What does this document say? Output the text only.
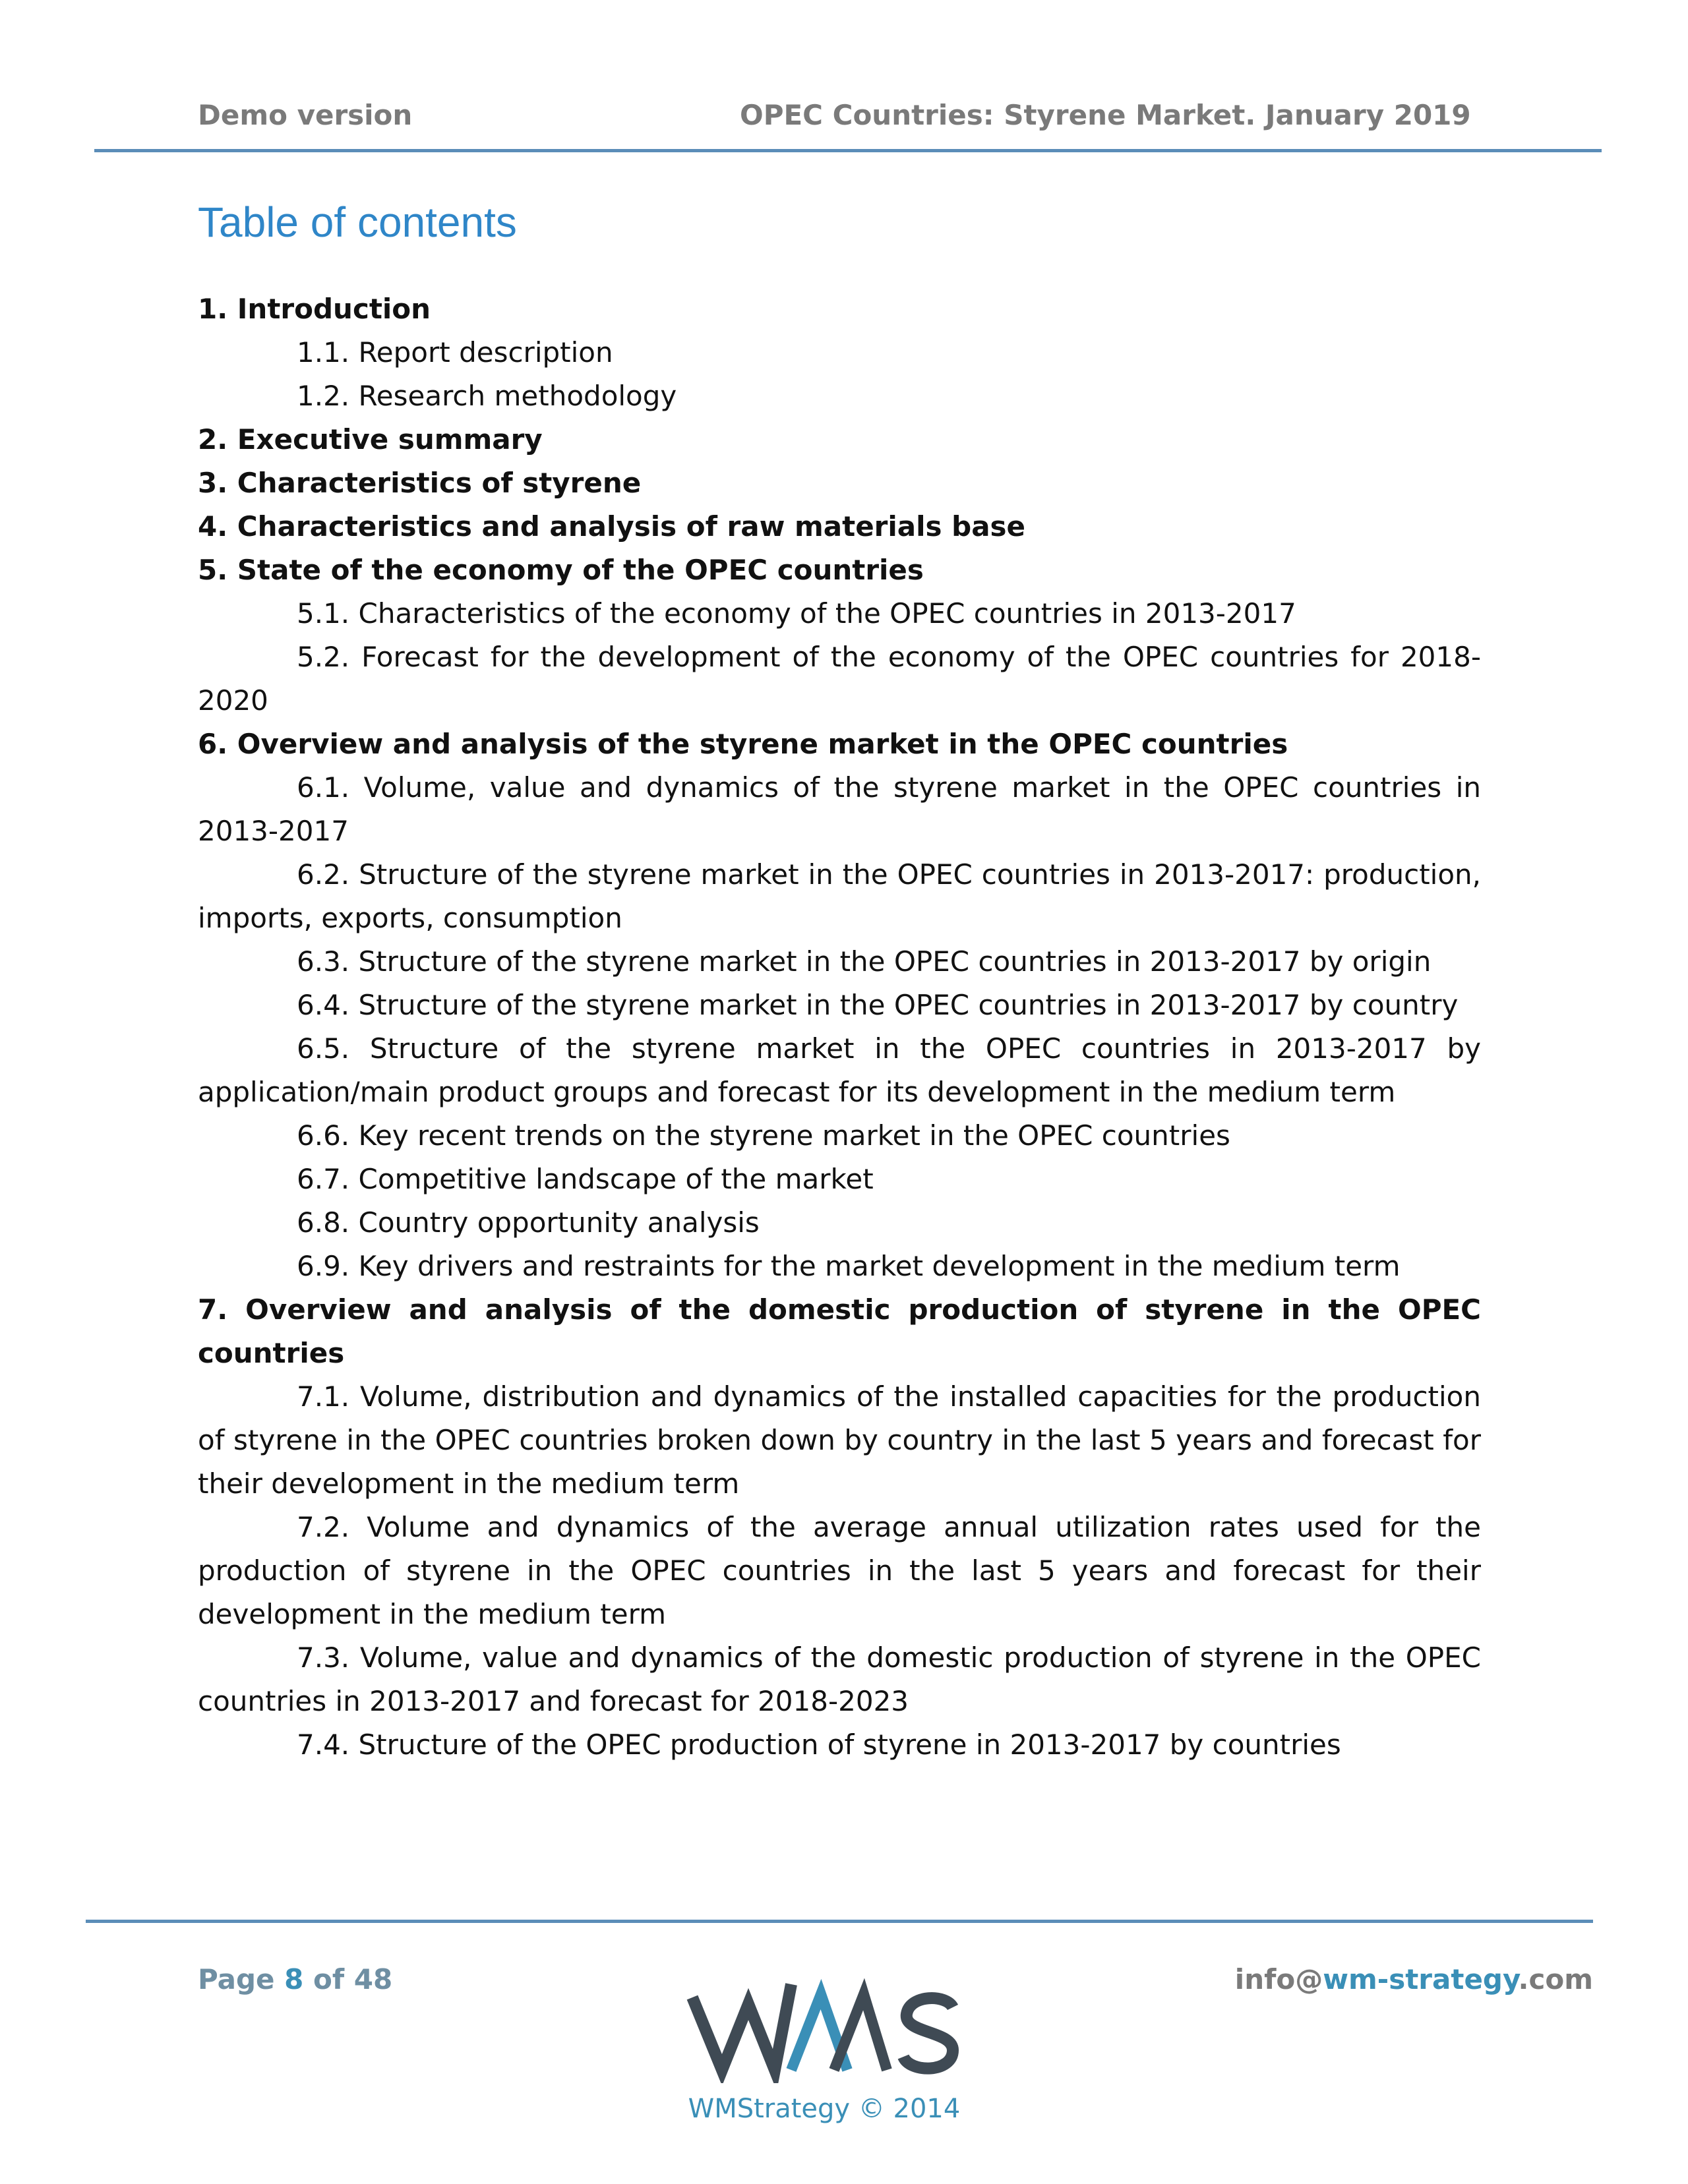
Demo version	OPEC Countries: Styrene Market. January 2019
Table of contents
1. Introduction
1.1. Report description
1.2. Research methodology
2. Executive summary
3. Characteristics of styrene
4. Characteristics and analysis of raw materials base
5. State of the economy of the OPEC countries
5.1. Characteristics of the economy of the OPEC countries in 2013-2017
5.2. Forecast for the development of the economy of the OPEC countries for 2018-2020
6. Overview and analysis of the styrene market in the OPEC countries
6.1. Volume, value and dynamics of the styrene market in the OPEC countries in 2013-2017
6.2. Structure of the styrene market in the OPEC countries in 2013-2017: production, imports, exports, consumption
6.3. Structure of the styrene market in the OPEC countries in 2013-2017 by origin
6.4. Structure of the styrene market in the OPEC countries in 2013-2017 by country
6.5. Structure of the styrene market in the OPEC countries in 2013-2017 by application/main product groups and forecast for its development in the medium term
6.6. Key recent trends on the styrene market in the OPEC countries
6.7. Competitive landscape of the market
6.8. Country opportunity analysis
6.9. Key drivers and restraints for the market development in the medium term
7. Overview and analysis of the domestic production of styrene in the OPEC countries
7.1. Volume, distribution and dynamics of the installed capacities for the production of styrene in the OPEC countries broken down by country in the last 5 years and forecast for their development in the medium term
7.2. Volume and dynamics of the average annual utilization rates used for the production of styrene in the OPEC countries in the last 5 years and forecast for their development in the medium term
7.3. Volume, value and dynamics of the domestic production of styrene in the OPEC countries in 2013-2017 and forecast for 2018-2023
7.4. Structure of the OPEC production of styrene in 2013-2017 by countries
Page 8 of 48	info@wm-strategy.com
WMStrategy © 2014
